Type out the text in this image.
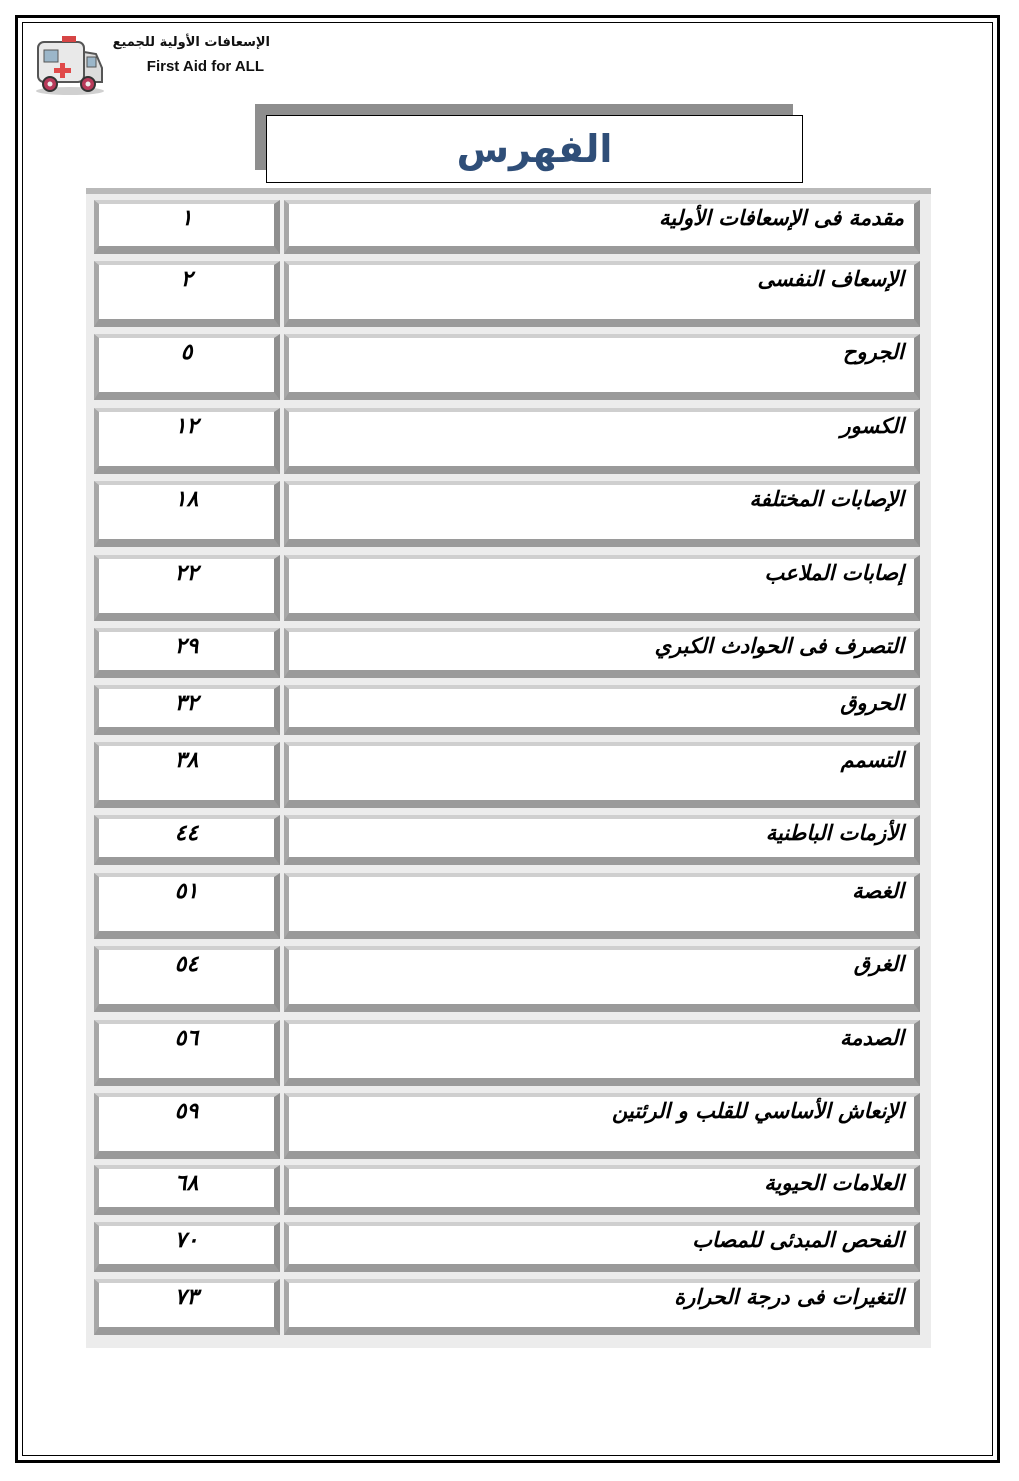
الإسعافات الأولية للجميع
First Aid for ALL
الفهرس
١	مقدمة فى الإسعافات الأولية
٢	الإسعاف النفسى
٥	الجروح
١٢	الكسور
١٨	الإصابات المختلفة
٢٢	إصابات الملاعب
٢٩	التصرف فى الحوادث الكبري
٣٢	الحروق
٣٨	التسمم
٤٤	الأزمات الباطنية
٥١	الغصة
٥٤	الغرق
٥٦	الصدمة
٥٩	الإنعاش الأساسي للقلب و الرئتين
٦٨	العلامات الحيوية
٧٠	الفحص المبدئى للمصاب
٧٣	التغيرات فى درجة الحرارة
